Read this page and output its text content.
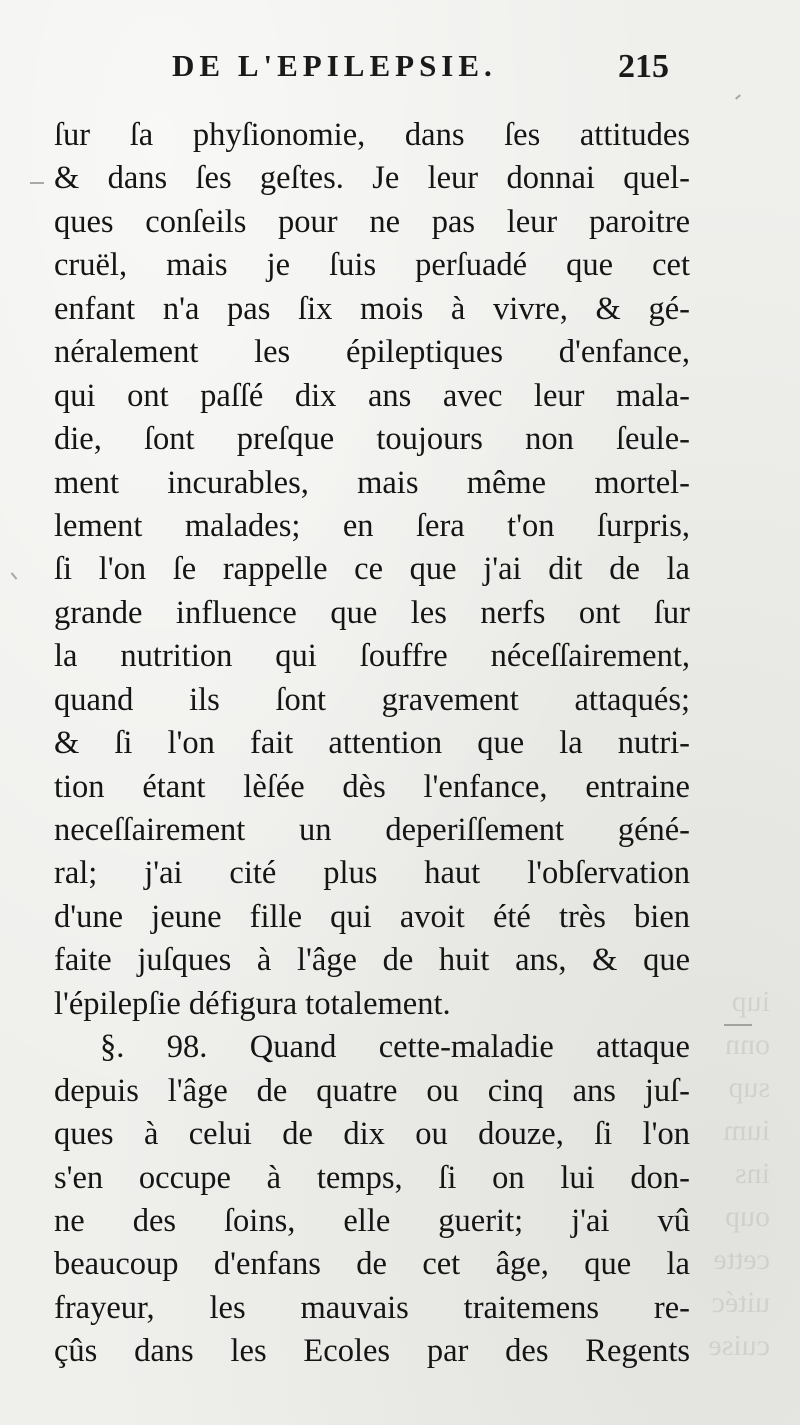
iup
onn
sup
ium
ins
oup
cette
uitéc
cuise
DE L'EPILEPSIE.	215
ſur ſa phyſionomie, dans ſes attitudes
& dans ſes geſtes. Je leur donnai quel-
ques conſeils pour ne pas leur paroitre
cruël, mais je ſuis perſuadé que cet
enfant n'a pas ſix mois à vivre, & gé-
néralement les épileptiques d'enfance,
qui ont paſſé dix ans avec leur mala-
die, ſont preſque toujours non ſeule-
ment incurables, mais même mortel-
lement malades; en ſera t'on ſurpris,
ſi l'on ſe rappelle ce que j'ai dit de la
grande influence que les nerfs ont ſur
la nutrition qui ſouffre néceſſairement,
quand ils ſont gravement attaqués;
& ſi l'on fait attention que la nutri-
tion étant lèſée dès l'enfance, entraine
neceſſairement un deperiſſement géné-
ral; j'ai cité plus haut l'obſervation
d'une jeune fille qui avoit été très bien
faite juſques à l'âge de huit ans, & que
l'épilepſie défigura totalement.
§. 98. Quand cette-maladie attaque
depuis l'âge de quatre ou cinq ans juſ-
ques à celui de dix ou douze, ſi l'on
s'en occupe à temps, ſi on lui don-
ne des ſoins, elle guerit; j'ai vû
beaucoup d'enfans de cet âge, que la
frayeur, les mauvais traitemens re-
çûs dans les Ecoles par des Regents
